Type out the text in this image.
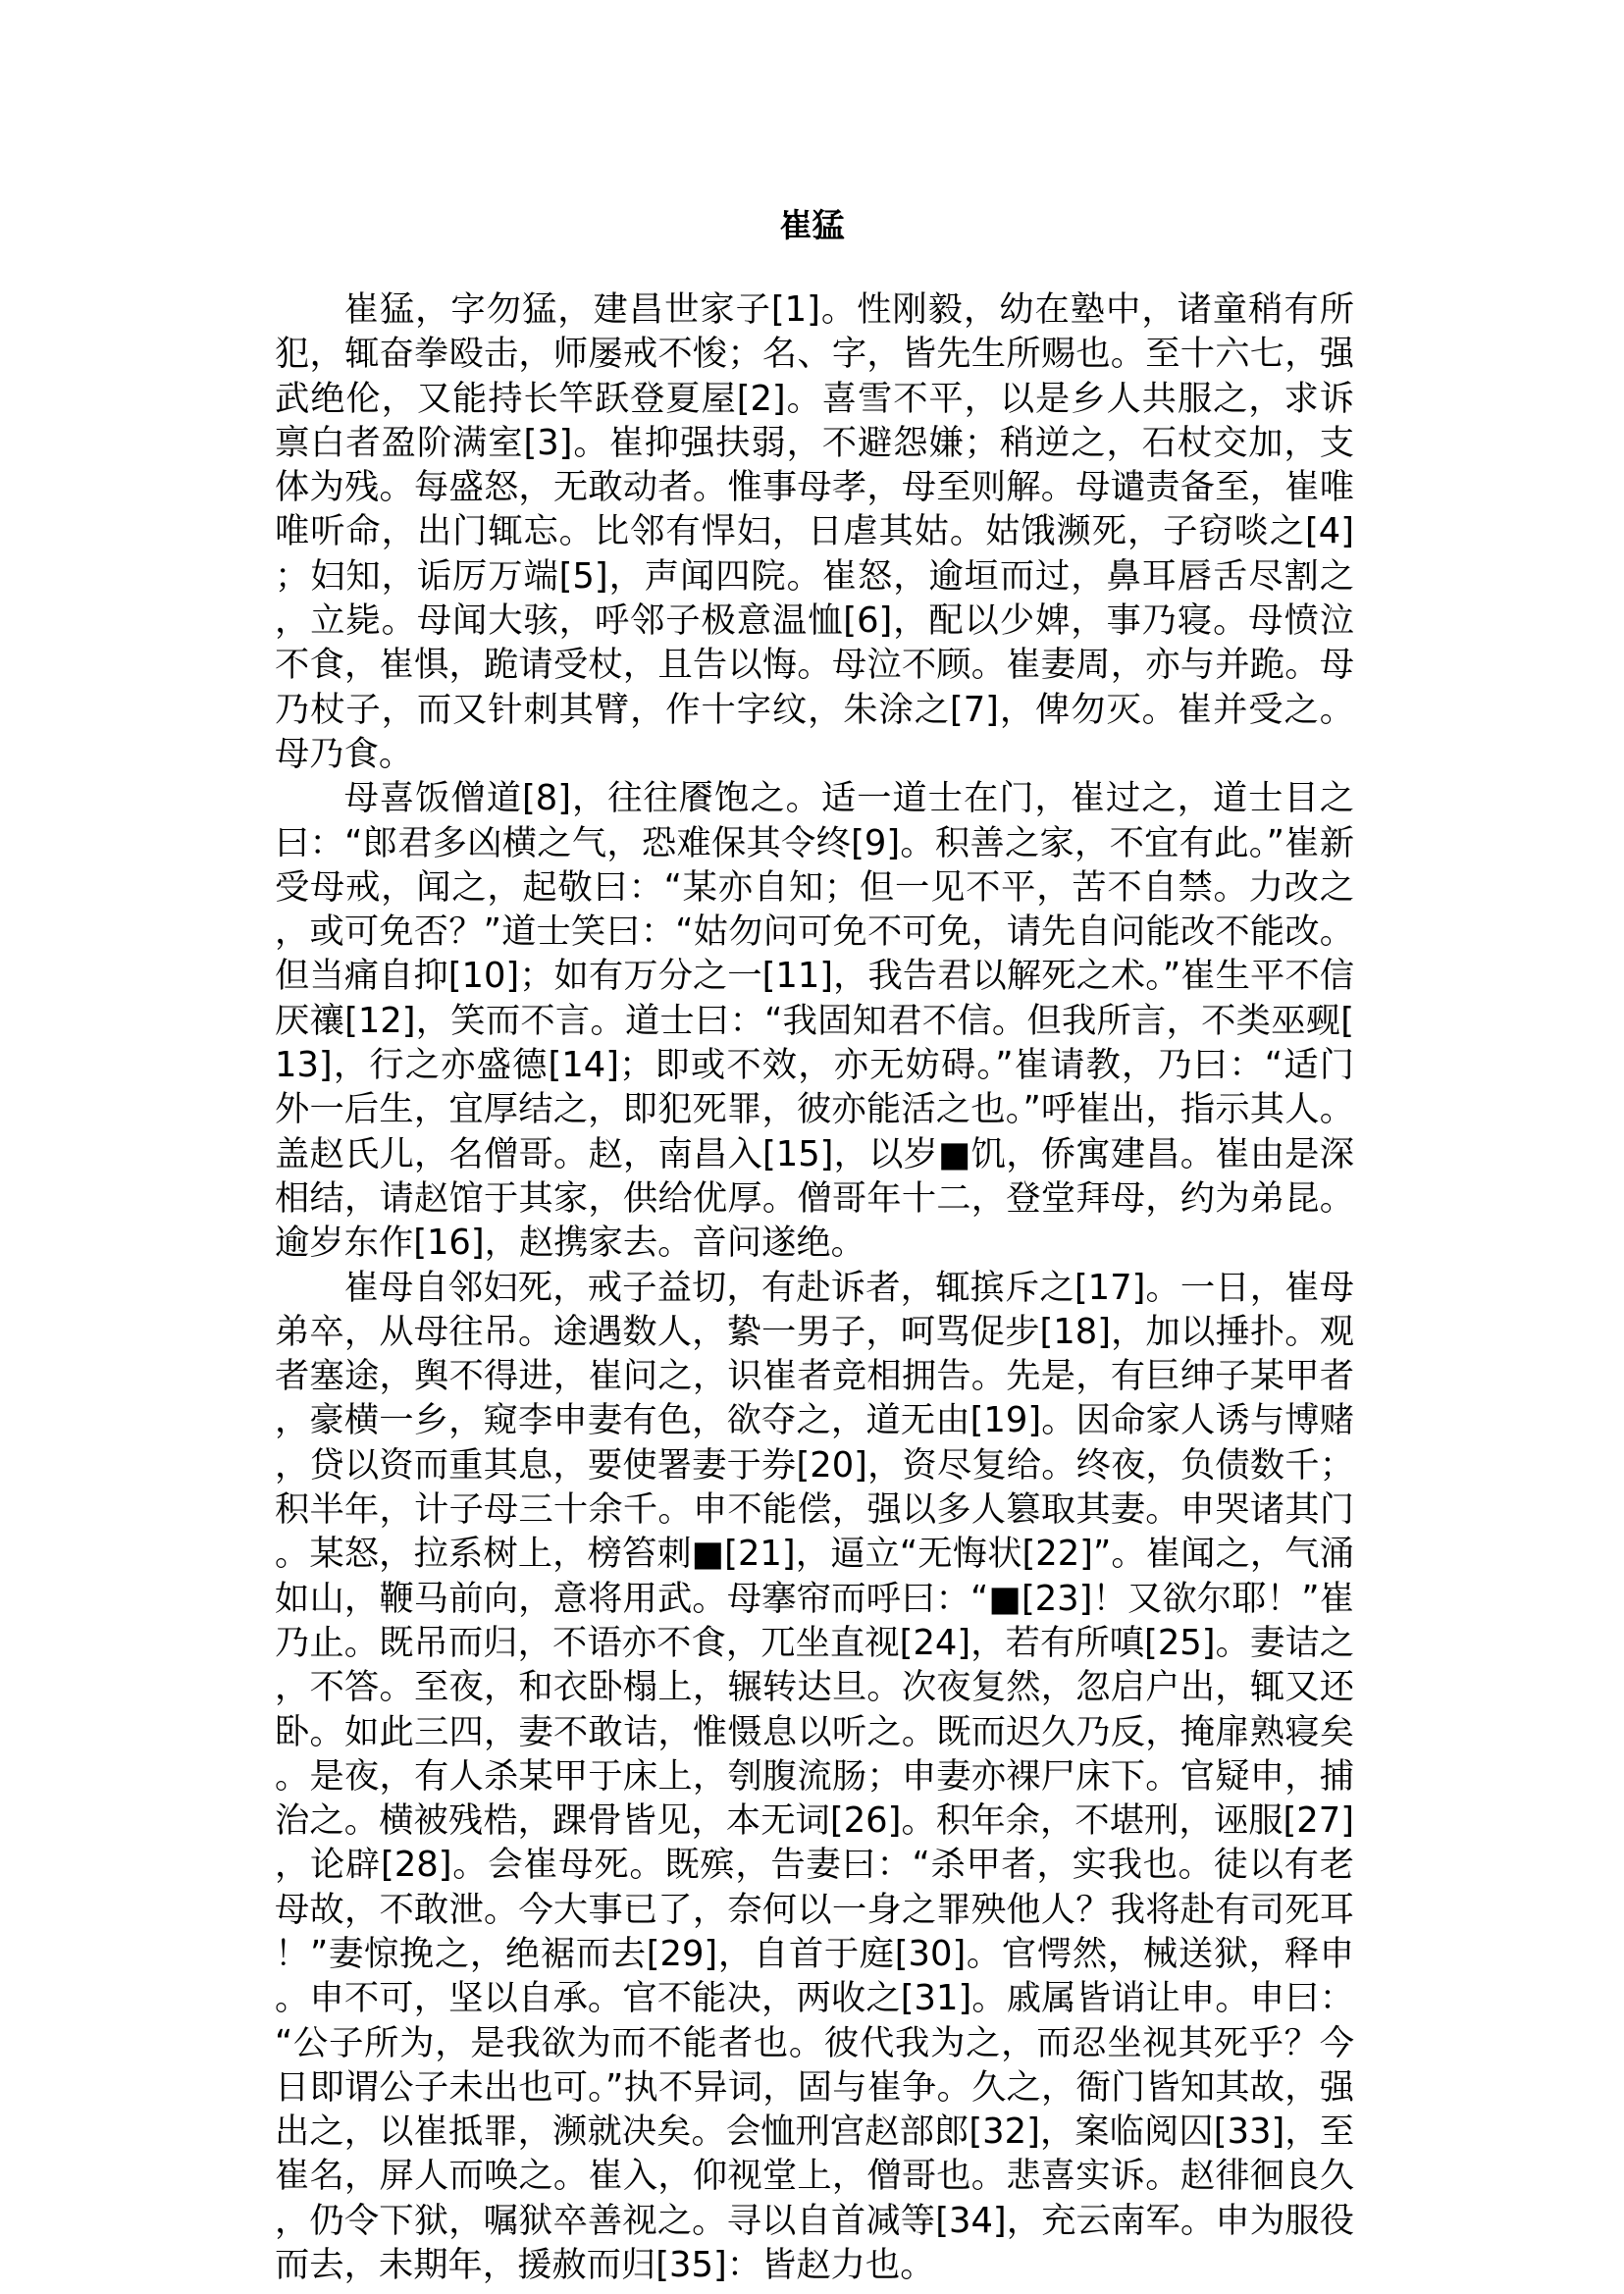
崔猛

崔猛，字勿猛，建昌世家子[1]。性刚毅，幼在塾中，诸童稍有所犯，辄奋拳殴击，师屡戒不悛；名、字，皆先生所赐也。至十六七，强武绝伦，又能持长竿跃登夏屋[2]。喜雪不平，以是乡人共服之，求诉禀白者盈阶满室[3]。崔抑强扶弱，不避怨嫌；稍逆之，石杖交加，支体为残。每盛怒，无敢动者。惟事母孝，母至则解。母谴责备至，崔唯唯听命，出门辄忘。比邻有悍妇，日虐其姑。姑饿濒死，子窃啖之[4]；妇知，诟厉万端[5]，声闻四院。崔怒，逾垣而过，鼻耳唇舌尽割之，立毙。母闻大骇，呼邻子极意温恤[6]，配以少婢，事乃寝。母愤泣不食，崔惧，跪请受杖，且告以悔。母泣不顾。崔妻周，亦与并跪。母乃杖子，而又针刺其臂，作十字纹，朱涂之[7]，俾勿灭。崔并受之。母乃食。

母喜饭僧道[8]，往往餍饱之。适一道士在门，崔过之，道士目之曰：“郎君多凶横之气，恐难保其令终[9]。积善之家，不宜有此。”崔新受母戒，闻之，起敬曰：“某亦自知；但一见不平，苦不自禁。力改之，或可免否？”道士笑曰：“姑勿问可免不可免，请先自问能改不能改。但当痛自抑[10]；如有万分之一[11]，我告君以解死之术。”崔生平不信厌禳[12]，笑而不言。道士曰：“我固知君不信。但我所言，不类巫觋[13]，行之亦盛德[14]；即或不效，亦无妨碍。”崔请教，乃曰：“适门外一后生，宜厚结之，即犯死罪，彼亦能活之也。”呼崔出，指示其人。盖赵氏儿，名僧哥。赵，南昌入[15]，以岁■饥，侨寓建昌。崔由是深相结，请赵馆于其家，供给优厚。僧哥年十二，登堂拜母，约为弟昆。逾岁东作[16]，赵携家去。音问遂绝。

崔母自邻妇死，戒子益切，有赴诉者，辄摈斥之[17]。一日，崔母弟卒，从母往吊。途遇数人，絷一男子，呵骂促步[18]，加以捶扑。观者塞途，舆不得进，崔问之，识崔者竞相拥告。先是，有巨绅子某甲者，豪横一乡，窥李申妻有色，欲夺之，道无由[19]。因命家人诱与博赌，贷以资而重其息，要使署妻于券[20]，资尽复给。终夜，负债数千；积半年，计子母三十余千。申不能偿，强以多人篡取其妻。申哭诸其门。某怒，拉系树上，榜笞刺■[21]，逼立“无悔状[22]”。崔闻之，气涌如山，鞭马前向，意将用武。母搴帘而呼曰：“■[23]！又欲尔耶！”崔乃止。既吊而归，不语亦不食，兀坐直视[24]，若有所嗔[25]。妻诘之，不答。至夜，和衣卧榻上，辗转达旦。次夜复然，忽启户出，辄又还卧。如此三四，妻不敢诘，惟慑息以听之。既而迟久乃反，掩扉熟寝矣。是夜，有人杀某甲于床上，刳腹流肠；申妻亦裸尸床下。官疑申，捕治之。横被残梏，踝骨皆见，本无词[26]。积年余，不堪刑，诬服[27]，论辟[28]。会崔母死。既殡，告妻曰：“杀甲者，实我也。徒以有老母故，不敢泄。今大事已了，奈何以一身之罪殃他人？我将赴有司死耳！”妻惊挽之，绝裾而去[29]，自首于庭[30]。官愕然，械送狱，释申。申不可，坚以自承。官不能决，两收之[31]。戚属皆诮让申。申曰：“公子所为，是我欲为而不能者也。彼代我为之，而忍坐视其死乎？今日即谓公子未出也可。”执不异词，固与崔争。久之，衙门皆知其故，强出之，以崔抵罪，濒就决矣。会恤刑宫赵部郎[32]，案临阅囚[33]，至崔名，屏人而唤之。崔入，仰视堂上，僧哥也。悲喜实诉。赵徘徊良久，仍令下狱，嘱狱卒善视之。寻以自首减等[34]，充云南军。申为服役而去，未期年，援赦而归[35]：皆赵力也。
